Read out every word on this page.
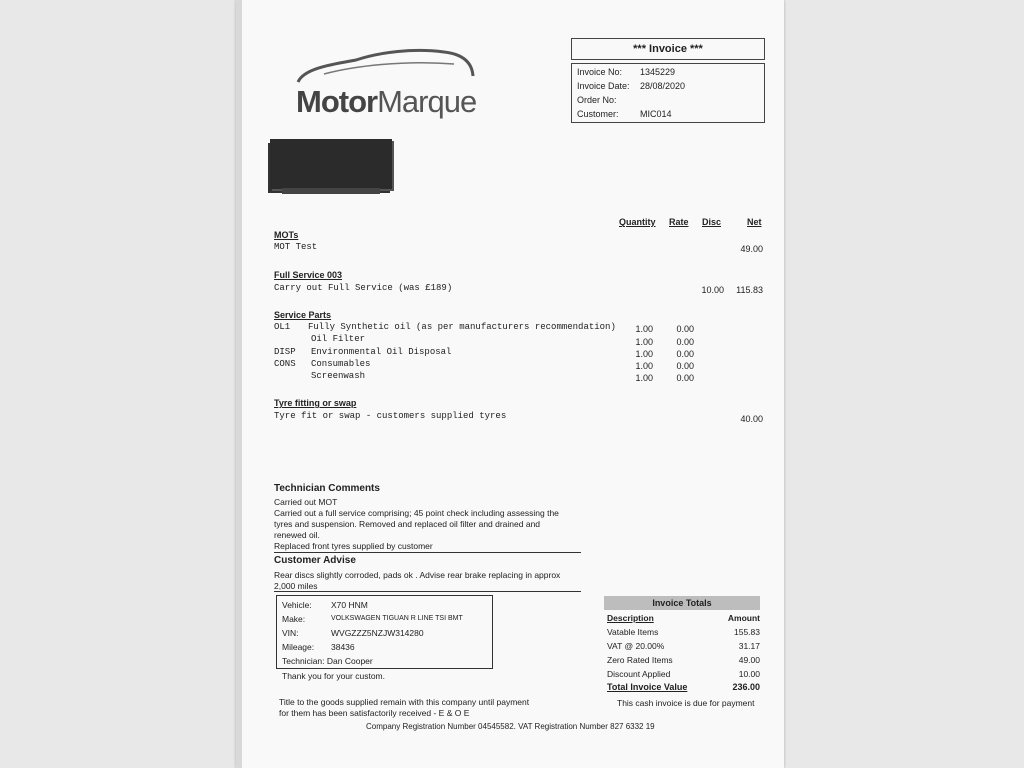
MotorMarque
*** Invoice ***
Invoice No: 1345229
Invoice Date: 28/08/2020
Order No:
Customer: MIC014
Quantity Rate Disc	Net
MOTs
MOT Test	49.00
Full Service 003
Carry out Full Service (was £189)	10.00	115.83
Service Parts
OL1 Fully Synthetic oil (as per manufacturers recommendation)	1.00	0.00
Oil Filter	1.00	0.00
DISP Environmental Oil Disposal	1.00	0.00
CONS Consumables	1.00	0.00
Screenwash	1.00	0.00
Tyre fitting or swap
Tyre fit or swap - customers supplied tyres	40.00
Technician Comments
Carried out MOT
Carried out a full service comprising; 45 point check including assessing the
tyres and suspension. Removed and replaced oil filter and drained and
renewed oil.
Replaced front tyres supplied by customer
Customer Advise
Rear discs slightly corroded, pads ok . Advise rear brake replacing in approx
2,000 miles
Vehicle: X70 HNM
Make:	VOLKSWAGEN TIGUAN R LINE TSI BMT
VIN:	WVGZZZ5NZJW314280
Mileage: 38436
Technician: Dan Cooper
Thank you for your custom.
Invoice Totals
Description	Amount
Vatable Items	155.83
VAT @ 20.00%	31.17
Zero Rated Items	49.00
Discount Applied	10.00
Total Invoice Value	236.00
Title to the goods supplied remain with this company until payment
for them has been satisfactorily received - E & O E
This cash invoice is due for payment
Company Registration Number 04545582. VAT Registration Number 827 6332 19
